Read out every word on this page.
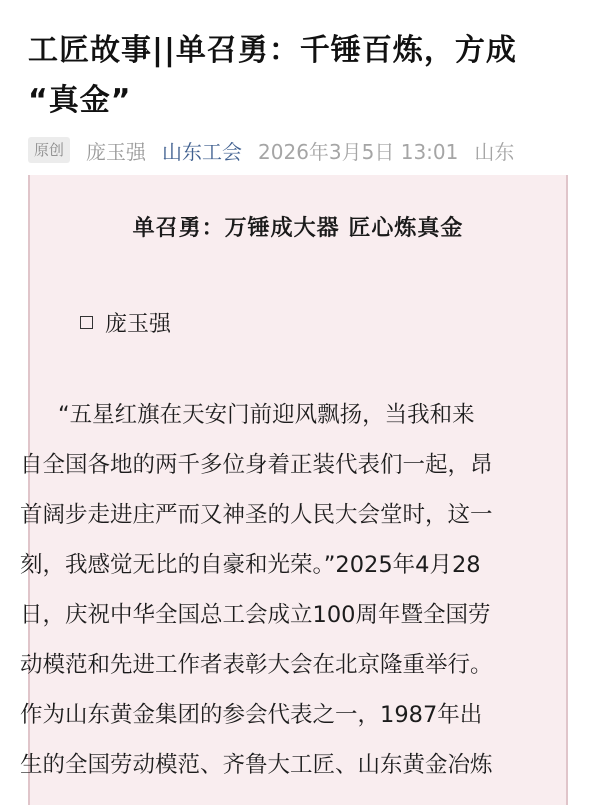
工匠故事||单召勇：千锤百炼，方成
“真金”
原创	庞玉强 山东工会 2026年3月5日 13:01 山东
单召勇：万锤成大器 匠心炼真金
庞玉强
“五星红旗在天安门前迎风飘扬，当我和来
自全国各地的两千多位身着正装代表们一起，昂
首阔步走进庄严而又神圣的人民大会堂时，这一
刻，我感觉无比的自豪和光荣。”2025年4月28
日，庆祝中华全国总工会成立100周年暨全国劳
动模范和先进工作者表彰大会在北京隆重举行。
作为山东黄金集团的参会代表之一，1987年出
生的全国劳动模范、齐鲁大工匠、山东黄金冶炼
